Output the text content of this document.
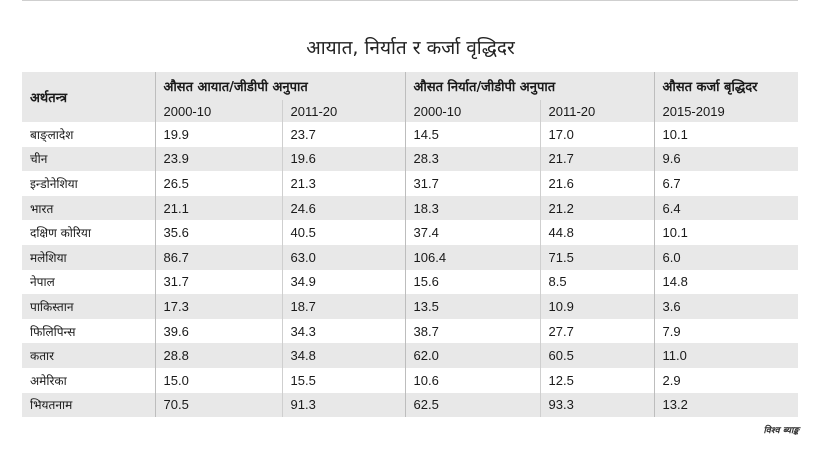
आयात, निर्यात र कर्जा वृद्धिदर
अर्थतन्त्र	औसत आयात/जीडीपी अनुपात		औसत निर्यात/जीडीपी अनुपात		औसत कर्जा बृद्धिदर
	2000-10	2011-20	2000-10	2011-20	2015-2019
बाङ्लादेश	19.9	23.7	14.5	17.0	10.1
चीन	23.9	19.6	28.3	21.7	9.6
इन्डोनेशिया	26.5	21.3	31.7	21.6	6.7
भारत	21.1	24.6	18.3	21.2	6.4
दक्षिण कोरिया	35.6	40.5	37.4	44.8	10.1
मलेशिया	86.7	63.0	106.4	71.5	6.0
नेपाल	31.7	34.9	15.6	8.5	14.8
पाकिस्तान	17.3	18.7	13.5	10.9	3.6
फिलिपिन्स	39.6	34.3	38.7	27.7	7.9
कतार	28.8	34.8	62.0	60.5	11.0
अमेरिका	15.0	15.5	10.6	12.5	2.9
भियतनाम	70.5	91.3	62.5	93.3	13.2
विश्व ब्याङ्क
